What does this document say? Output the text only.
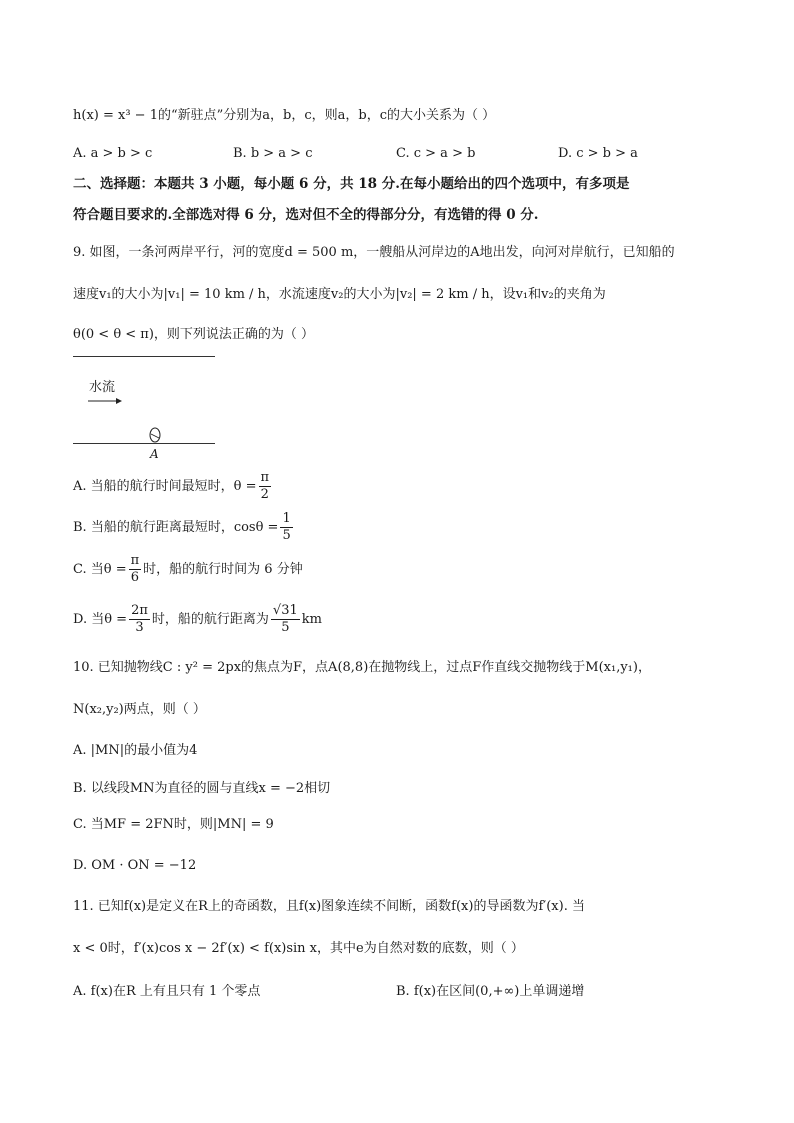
h(x) = x³ − 1的“新驻点”分别为a，b，c，则a，b，c的大小关系为（ ）
A. a > b > c	B. b > a > c	C. c > a > b	D. c > b > a
二、选择题：本题共 3 小题，每小题 6 分，共 18 分.在每小题给出的四个选项中，有多项是
符合题目要求的.全部选对得 6 分，选对但不全的得部分分，有选错的得 0 分.
9. 如图，一条河两岸平行，河的宽度d = 500 m，一艘船从河岸边的A地出发，向河对岸航行，已知船的
速度v₁的大小为|v₁| = 10 km / h，水流速度v₂的大小为|v₂| = 2 km / h，设v₁和v₂的夹角为
θ(0 < θ < π)，则下列说法正确的为（ ）
水流
A
A. 当船的航行时间最短时，$\theta = \frac{\pi}{2}$
B. 当船的航行距离最短时，$\cos\theta = \frac{1}{5}$
C. 当$\theta = \frac{\pi}{6}$ 时，船的航行时间为 6 分钟
D. 当$\theta = \frac{2\pi}{3}$ 时，船的航行距离为 $\frac{√31}{5}$ km
10. 已知抛物线C : y² = 2px的焦点为F，点A(8,8)在抛物线上，过点F作直线交抛物线于M(x₁,y₁)，
N(x₂,y₂)两点，则（ ）
A. |MN|的最小值为4
B. 以线段MN为直径的圆与直线x = −2相切
C. 当MF = 2FN时，则|MN| = 9
D. OM · ON = −12
11. 已知f(x)是定义在R上的奇函数，且f(x)图象连续不间断，函数f(x)的导函数为f′(x). 当
x < 0时，f′(x)cos x − 2f′(x) < f(x)sin x，其中e为自然对数的底数，则（ ）
A. f(x)在R 上有且只有 1 个零点	B. f(x)在区间(0,+∞)上单调递增
